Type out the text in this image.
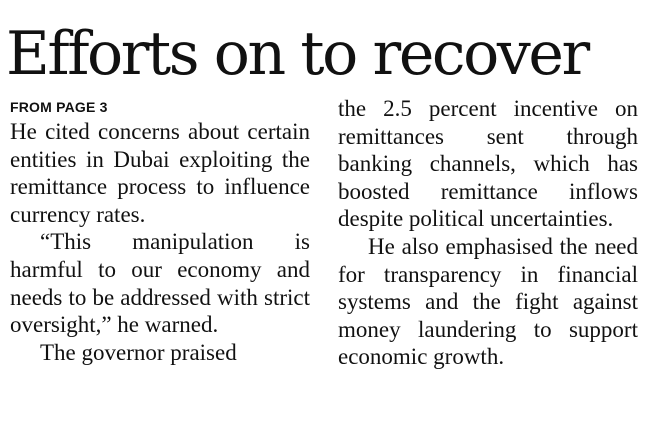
Efforts on to recover
FROM PAGE 3

He cited concerns about certain entities in Dubai exploiting the remittance process to influence currency rates.

“This manipulation is harmful to our economy and needs to be addressed with strict oversight,” he warned.

The governor praised

the 2.5 percent incentive on remittances sent through banking channels, which has boosted remittance inflows despite political uncertainties.

He also emphasised the need for transparency in financial systems and the fight against money laundering to support economic growth.
